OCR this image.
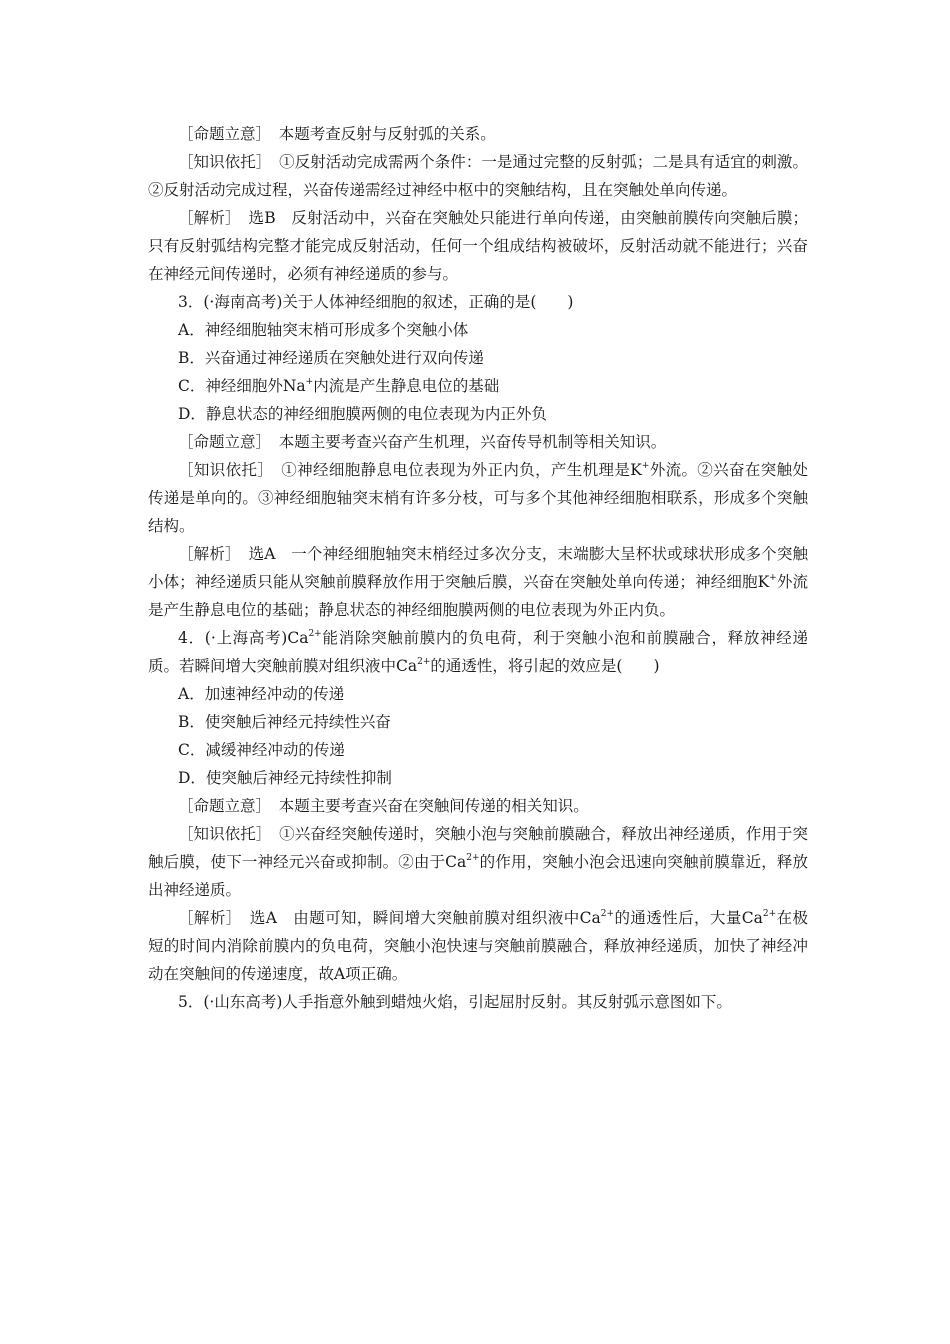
［命题立意］　本题考查反射与反射弧的关系。

［知识依托］　①反射活动完成需两个条件：一是通过完整的反射弧；二是具有适宜的刺激。②反射活动完成过程，兴奋传递需经过神经中枢中的突触结构，且在突触处单向传递。

［解析］　选B　反射活动中，兴奋在突触处只能进行单向传递，由突触前膜传向突触后膜；只有反射弧结构完整才能完成反射活动，任何一个组成结构被破坏，反射活动就不能进行；兴奋在神经元间传递时，必须有神经递质的参与。

3．(·海南高考)关于人体神经细胞的叙述，正确的是(　　)

A．神经细胞轴突末梢可形成多个突触小体

B．兴奋通过神经递质在突触处进行双向传递

C．神经细胞外Na+内流是产生静息电位的基础

D．静息状态的神经细胞膜两侧的电位表现为内正外负

［命题立意］　本题主要考查兴奋产生机理，兴奋传导机制等相关知识。

［知识依托］　①神经细胞静息电位表现为外正内负，产生机理是K+外流。②兴奋在突触处传递是单向的。③神经细胞轴突末梢有许多分枝，可与多个其他神经细胞相联系，形成多个突触结构。

［解析］　选A　一个神经细胞轴突末梢经过多次分支，末端膨大呈杯状或球状形成多个突触小体；神经递质只能从突触前膜释放作用于突触后膜，兴奋在突触处单向传递；神经细胞K+外流是产生静息电位的基础；静息状态的神经细胞膜两侧的电位表现为外正内负。

4．(·上海高考)$Ca^{2+}$能消除突触前膜内的负电荷，利于突触小泡和前膜融合，释放神经递质。若瞬间增大突触前膜对组织液中$Ca^{2+}$的通透性，将引起的效应是(　　)

A．加速神经冲动的传递

B．使突触后神经元持续性兴奋

C．减缓神经冲动的传递

D．使突触后神经元持续性抑制

［命题立意］　本题主要考查兴奋在突触间传递的相关知识。

［知识依托］　①兴奋经突触传递时，突触小泡与突触前膜融合，释放出神经递质，作用于突触后膜，使下一神经元兴奋或抑制。②由于$Ca^{2+}$的作用，突触小泡会迅速向突触前膜靠近，释放出神经递质。

［解析］　选A　由题可知，瞬间增大突触前膜对组织液中$Ca^{2+}$的通透性后，大量$Ca^{2+}$在极短的时间内消除前膜内的负电荷，突触小泡快速与突触前膜融合，释放神经递质，加快了神经冲动在突触间的传递速度，故A项正确。

5．(·山东高考)人手指意外触到蜡烛火焰，引起屈肘反射。其反射弧示意图如下。
